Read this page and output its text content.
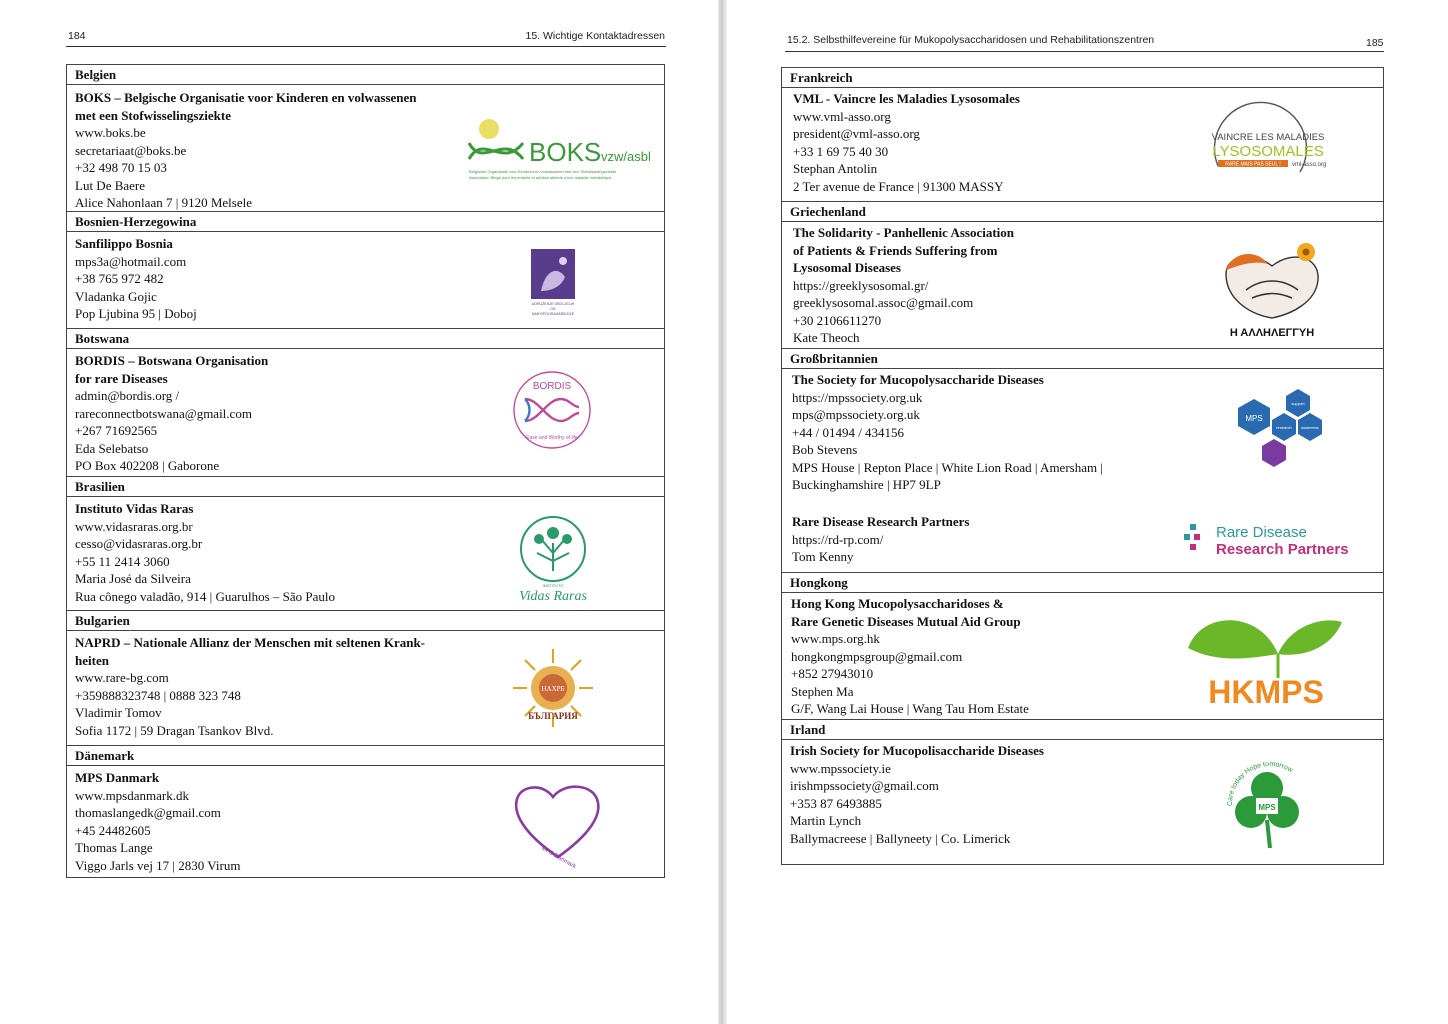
184	15. Wichtige Kontaktadressen	15.2. Selbsthilfevereine für Mukopolysaccharidosen und Rehabilitationszentren	185
Belgien
BOKS – Belgische Organisatie voor Kinderen en volwassenen
met een Stofwisselingsziekte
www.boks.be
secretariaat@boks.be
+32 498 70 15 03
Lut De Baere
Alice Nahonlaan 7 | 9120 Melsele
BOKS vzw/asbl
Belgische Organisatie voor Kinderen en volwassenen met een Stofwisselingsziekte
Association Belge pour les enfants et adultes atteints d'une maladie métabolique
Bosnien-Herzegowina
Sanfilippo Bosnia
mps3a@hotmail.com
+38 765 972 482
Vladanka Gojic
Pop Ljubina 95 | Doboj
UDRUŽENJE OBOLJELIH
OD
MUKOPOLISAHARIDOZE
Botswana
BORDIS – Botswana Organisation
for rare Diseases
admin@bordis.org /
rareconnectbotswana@gmail.com
+267 71692565
Eda Selebatso
PO Box 402208 | Gaborone
BORDIS
Ease and Worthy of life
Brasilien
Instituto Vidas Raras
www.vidasraras.org.br
cesso@vidasraras.org.br
+55 11 2414 3060
Maria José da Silveira
Rua cônego valadão, 914 | Guarulhos – São Paulo
INSTITUTO
Vidas Raras
Bulgarien
NAPRD – Nationale Allianz der Menschen mit seltenen Krank-
heiten
www.rare-bg.com
+359888323748 | 0888 323 748
Vladimir Tomov
Sofia 1172 | 59 Dragan Tsankov Blvd.
НАХРБ
БЪЛГАРИЯ
Dänemark
MPS Danmark
www.mpsdanmark.dk
thomaslangedk@gmail.com
+45 24482605
Thomas Lange
Viggo Jarls vej 17 | 2830 Virum	MPS Danmark
Frankreich
VML - Vaincre les Maladies Lysosomales
www.vml-asso.org
president@vml-asso.org
+33 1 69 75 40 30
Stephan Antolin
2 Ter avenue de France | 91300 MASSY
VAINCRE LES MALADIES
LYSOSOMALES
RARE MAIS PAS SEUL ! vml-asso.org
Griechenland
The Solidarity - Panhellenic Association
of Patients & Friends Suffering from
Lysosomal Diseases
https://greeklysosomal.gr/
greeklysosomal.assoc@gmail.com
+30 2106611270
Kate Theoch	Η ΑΛΛΗΛΕΓΓΥΗ
Großbritannien
The Society for Mucopolysaccharide Diseases
https://mpssociety.org.uk
mps@mpssociety.org.uk
+44 / 01494 / 434156
Bob Stevens
MPS House | Repton Place | White Lion Road | Amersham |
Buckinghamshire | HP7 9LP
MPS
support
research	awareness
Rare Disease Research Partners
https://rd-rp.com/
Tom Kenny
Rare Disease
Research Partners
Hongkong
Hong Kong Mucopolysaccharidoses &
Rare Genetic Diseases Mutual Aid Group
www.mps.org.hk
hongkongmpsgroup@gmail.com
+852 27943010
Stephen Ma
G/F, Wang Lai House | Wang Tau Hom Estate	HKMPS
Irland
Irish Society for Mucopolisaccharide Diseases
www.mpssociety.ie
irishmpssociety@gmail.com
+353 87 6493885
Martin Lynch
Ballymacreese | Ballyneety | Co. Limerick
MPS
Care today Hope tomorrow
